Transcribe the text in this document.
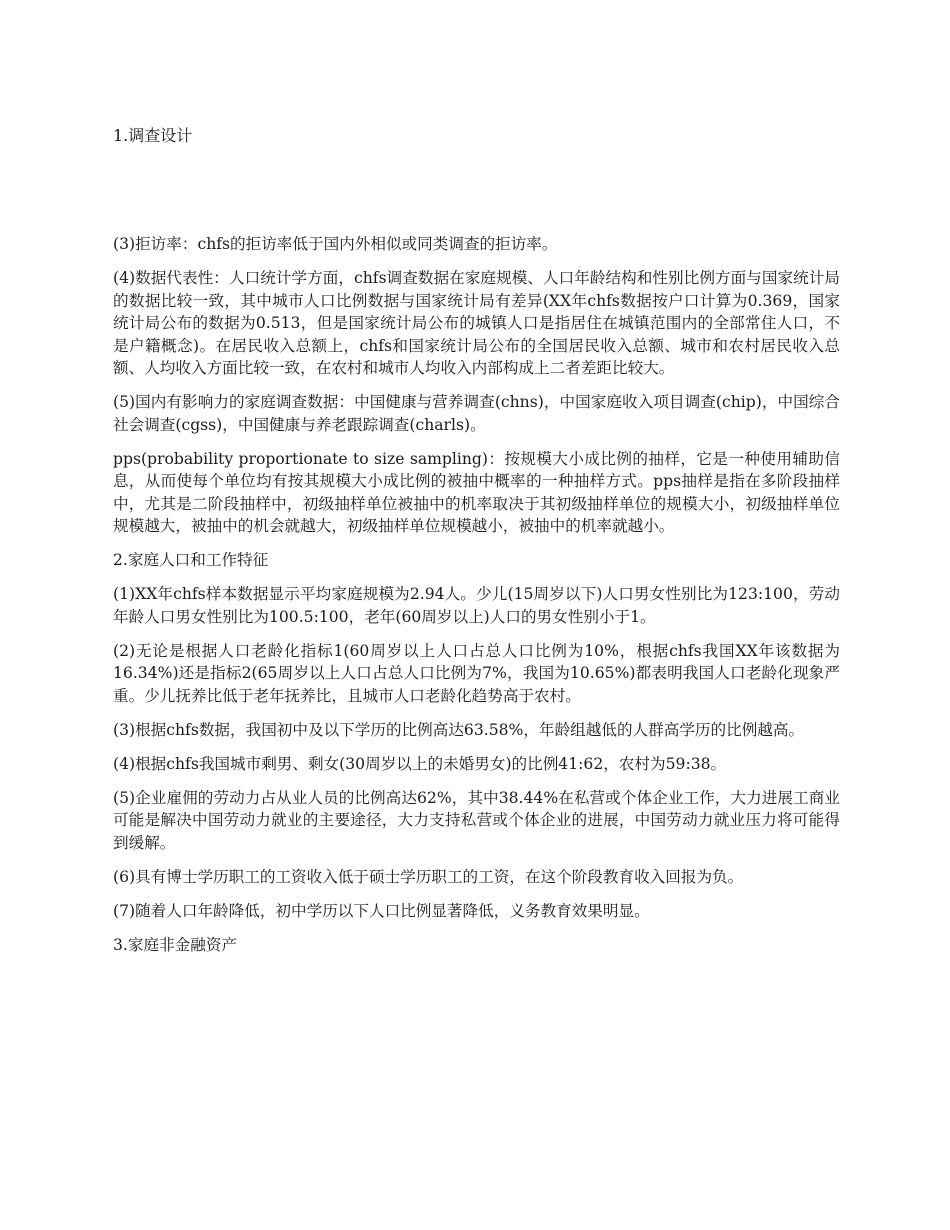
1.调查设计

(3)拒访率：chfs的拒访率低于国内外相似或同类调查的拒访率。

(4)数据代表性：人口统计学方面，chfs调查数据在家庭规模、人口年龄结构和性别比例方面与国家统计局的数据比较一致，其中城市人口比例数据与国家统计局有差异(XX年chfs数据按户口计算为0.369，国家统计局公布的数据为0.513，但是国家统计局公布的城镇人口是指居住在城镇范围内的全部常住人口，不是户籍概念)。在居民收入总额上，chfs和国家统计局公布的全国居民收入总额、城市和农村居民收入总额、人均收入方面比较一致，在农村和城市人均收入内部构成上二者差距比较大。

(5)国内有影响力的家庭调查数据：中国健康与营养调查(chns)，中国家庭收入项目调查(chip)，中国综合社会调查(cgss)，中国健康与养老跟踪调查(charls)。

pps(probability proportionate to size sampling)：按规模大小成比例的抽样，它是一种使用辅助信息，从而使每个单位均有按其规模大小成比例的被抽中概率的一种抽样方式。pps抽样是指在多阶段抽样中，尤其是二阶段抽样中，初级抽样单位被抽中的机率取决于其初级抽样单位的规模大小，初级抽样单位规模越大，被抽中的机会就越大，初级抽样单位规模越小，被抽中的机率就越小。

2.家庭人口和工作特征

(1)XX年chfs样本数据显示平均家庭规模为2.94人。少儿(15周岁以下)人口男女性别比为123:100，劳动年龄人口男女性别比为100.5:100，老年(60周岁以上)人口的男女性别小于1。

(2)无论是根据人口老龄化指标1(60周岁以上人口占总人口比例为10%，根据chfs我国XX年该数据为16.34%)还是指标2(65周岁以上人口占总人口比例为7%，我国为10.65%)都表明我国人口老龄化现象严重。少儿抚养比低于老年抚养比，且城市人口老龄化趋势高于农村。

(3)根据chfs数据，我国初中及以下学历的比例高达63.58%，年龄组越低的人群高学历的比例越高。

(4)根据chfs我国城市剩男、剩女(30周岁以上的未婚男女)的比例41:62，农村为59:38。

(5)企业雇佣的劳动力占从业人员的比例高达62%，其中38.44%在私营或个体企业工作，大力进展工商业可能是解决中国劳动力就业的主要途径，大力支持私营或个体企业的进展，中国劳动力就业压力将可能得到缓解。

(6)具有博士学历职工的工资收入低于硕士学历职工的工资，在这个阶段教育收入回报为负。

(7)随着人口年龄降低，初中学历以下人口比例显著降低，义务教育效果明显。

3.家庭非金融资产
